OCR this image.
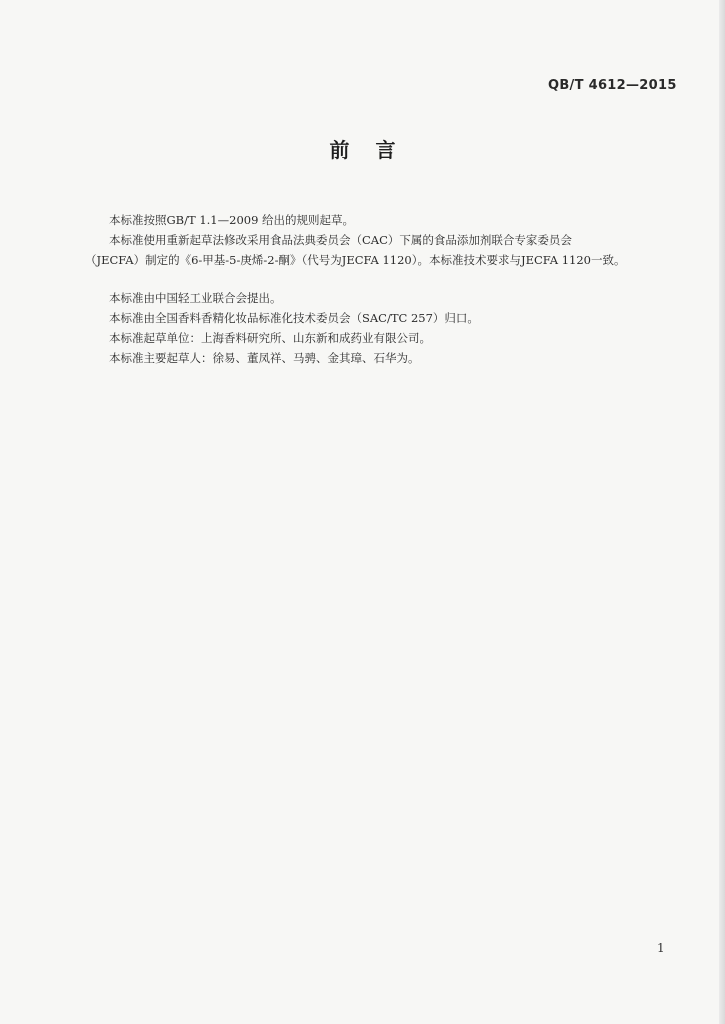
QB/T 4612—2015
前言

本标准按照GB/T 1.1—2009 给出的规则起草。

本标准使用重新起草法修改采用食品法典委员会（CAC）下属的食品添加剂联合专家委员会

（JECFA）制定的《6-甲基-5-庚烯-2-酮》（代号为JECFA 1120）。本标准技术要求与JECFA 1120一致。

本标准由中国轻工业联合会提出。

本标准由全国香料香精化妆品标准化技术委员会（SAC/TC 257）归口。

本标准起草单位：上海香料研究所、山东新和成药业有限公司。

本标准主要起草人：徐易、董凤祥、马骋、金其璋、石华为。

1
